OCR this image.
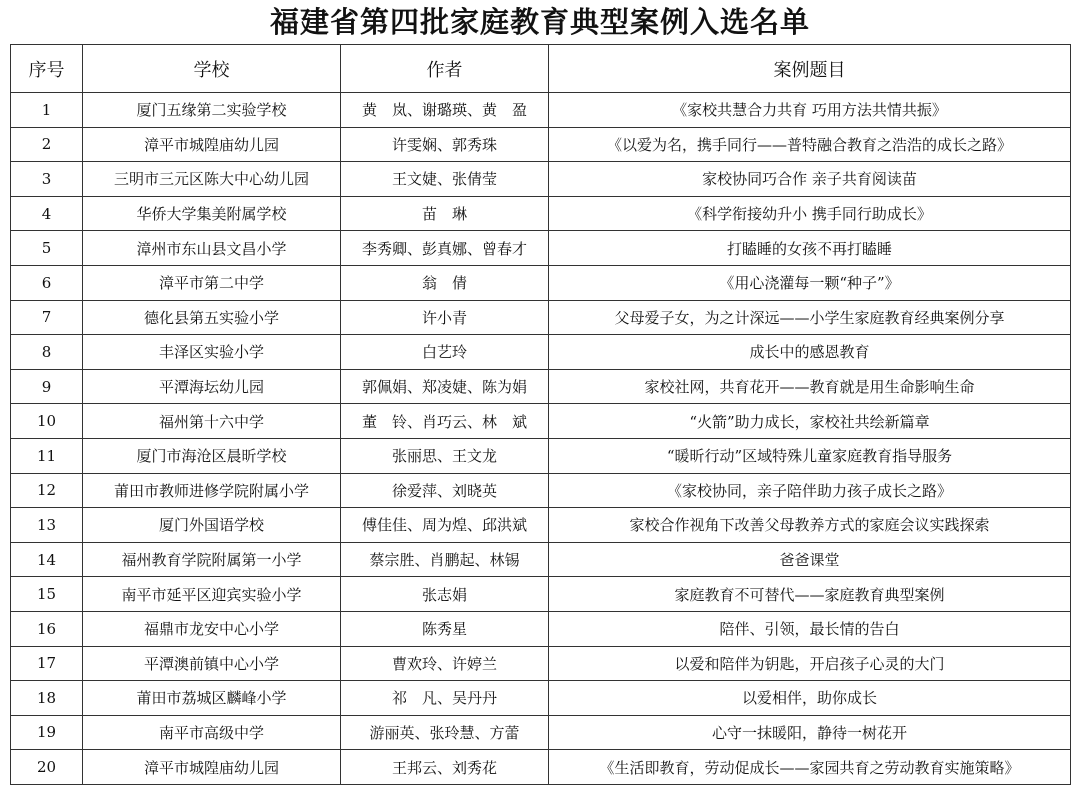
福建省第四批家庭教育典型案例入选名单
序号	学校	作者	案例题目
1	厦门五缘第二实验学校	黄　岚、谢璐瑛、黄　盈	《家校共慧合力共育 巧用方法共情共振》
2	漳平市城隍庙幼儿园	许雯娴、郭秀珠	《以爱为名，携手同行——普特融合教育之浩浩的成长之路》
3	三明市三元区陈大中心幼儿园	王文婕、张倩莹	家校协同巧合作 亲子共育阅读苗
4	华侨大学集美附属学校	苗　琳	《科学衔接幼升小 携手同行助成长》
5	漳州市东山县文昌小学	李秀卿、彭真娜、曾春才	打瞌睡的女孩不再打瞌睡
6	漳平市第二中学	翁　倩	《用心浇灌每一颗“种子”》
7	德化县第五实验小学	许小青	父母爱子女，为之计深远——小学生家庭教育经典案例分享
8	丰泽区实验小学	白艺玲	成长中的感恩教育
9	平潭海坛幼儿园	郭佩娟、郑凌婕、陈为娟	家校社网，共育花开——教育就是用生命影响生命
10	福州第十六中学	董　铃、肖巧云、林　斌	“火箭”助力成长，家校社共绘新篇章
11	厦门市海沧区晨昕学校	张丽思、王文龙	“暖昕行动”区域特殊儿童家庭教育指导服务
12	莆田市教师进修学院附属小学	徐爱萍、刘晓英	《家校协同，亲子陪伴助力孩子成长之路》
13	厦门外国语学校	傅佳佳、周为煌、邱洪斌	家校合作视角下改善父母教养方式的家庭会议实践探索
14	福州教育学院附属第一小学	蔡宗胜、肖鹏起、林锡	爸爸课堂
15	南平市延平区迎宾实验小学	张志娟	家庭教育不可替代——家庭教育典型案例
16	福鼎市龙安中心小学	陈秀星	陪伴、引领，最长情的告白
17	平潭澳前镇中心小学	曹欢玲、许婷兰	以爱和陪伴为钥匙，开启孩子心灵的大门
18	莆田市荔城区麟峰小学	祁　凡、吴丹丹	以爱相伴，助你成长
19	南平市高级中学	游丽英、张玲慧、方蕾	心守一抹暖阳，静待一树花开
20	漳平市城隍庙幼儿园	王邦云、刘秀花	《生活即教育，劳动促成长——家园共育之劳动教育实施策略》
